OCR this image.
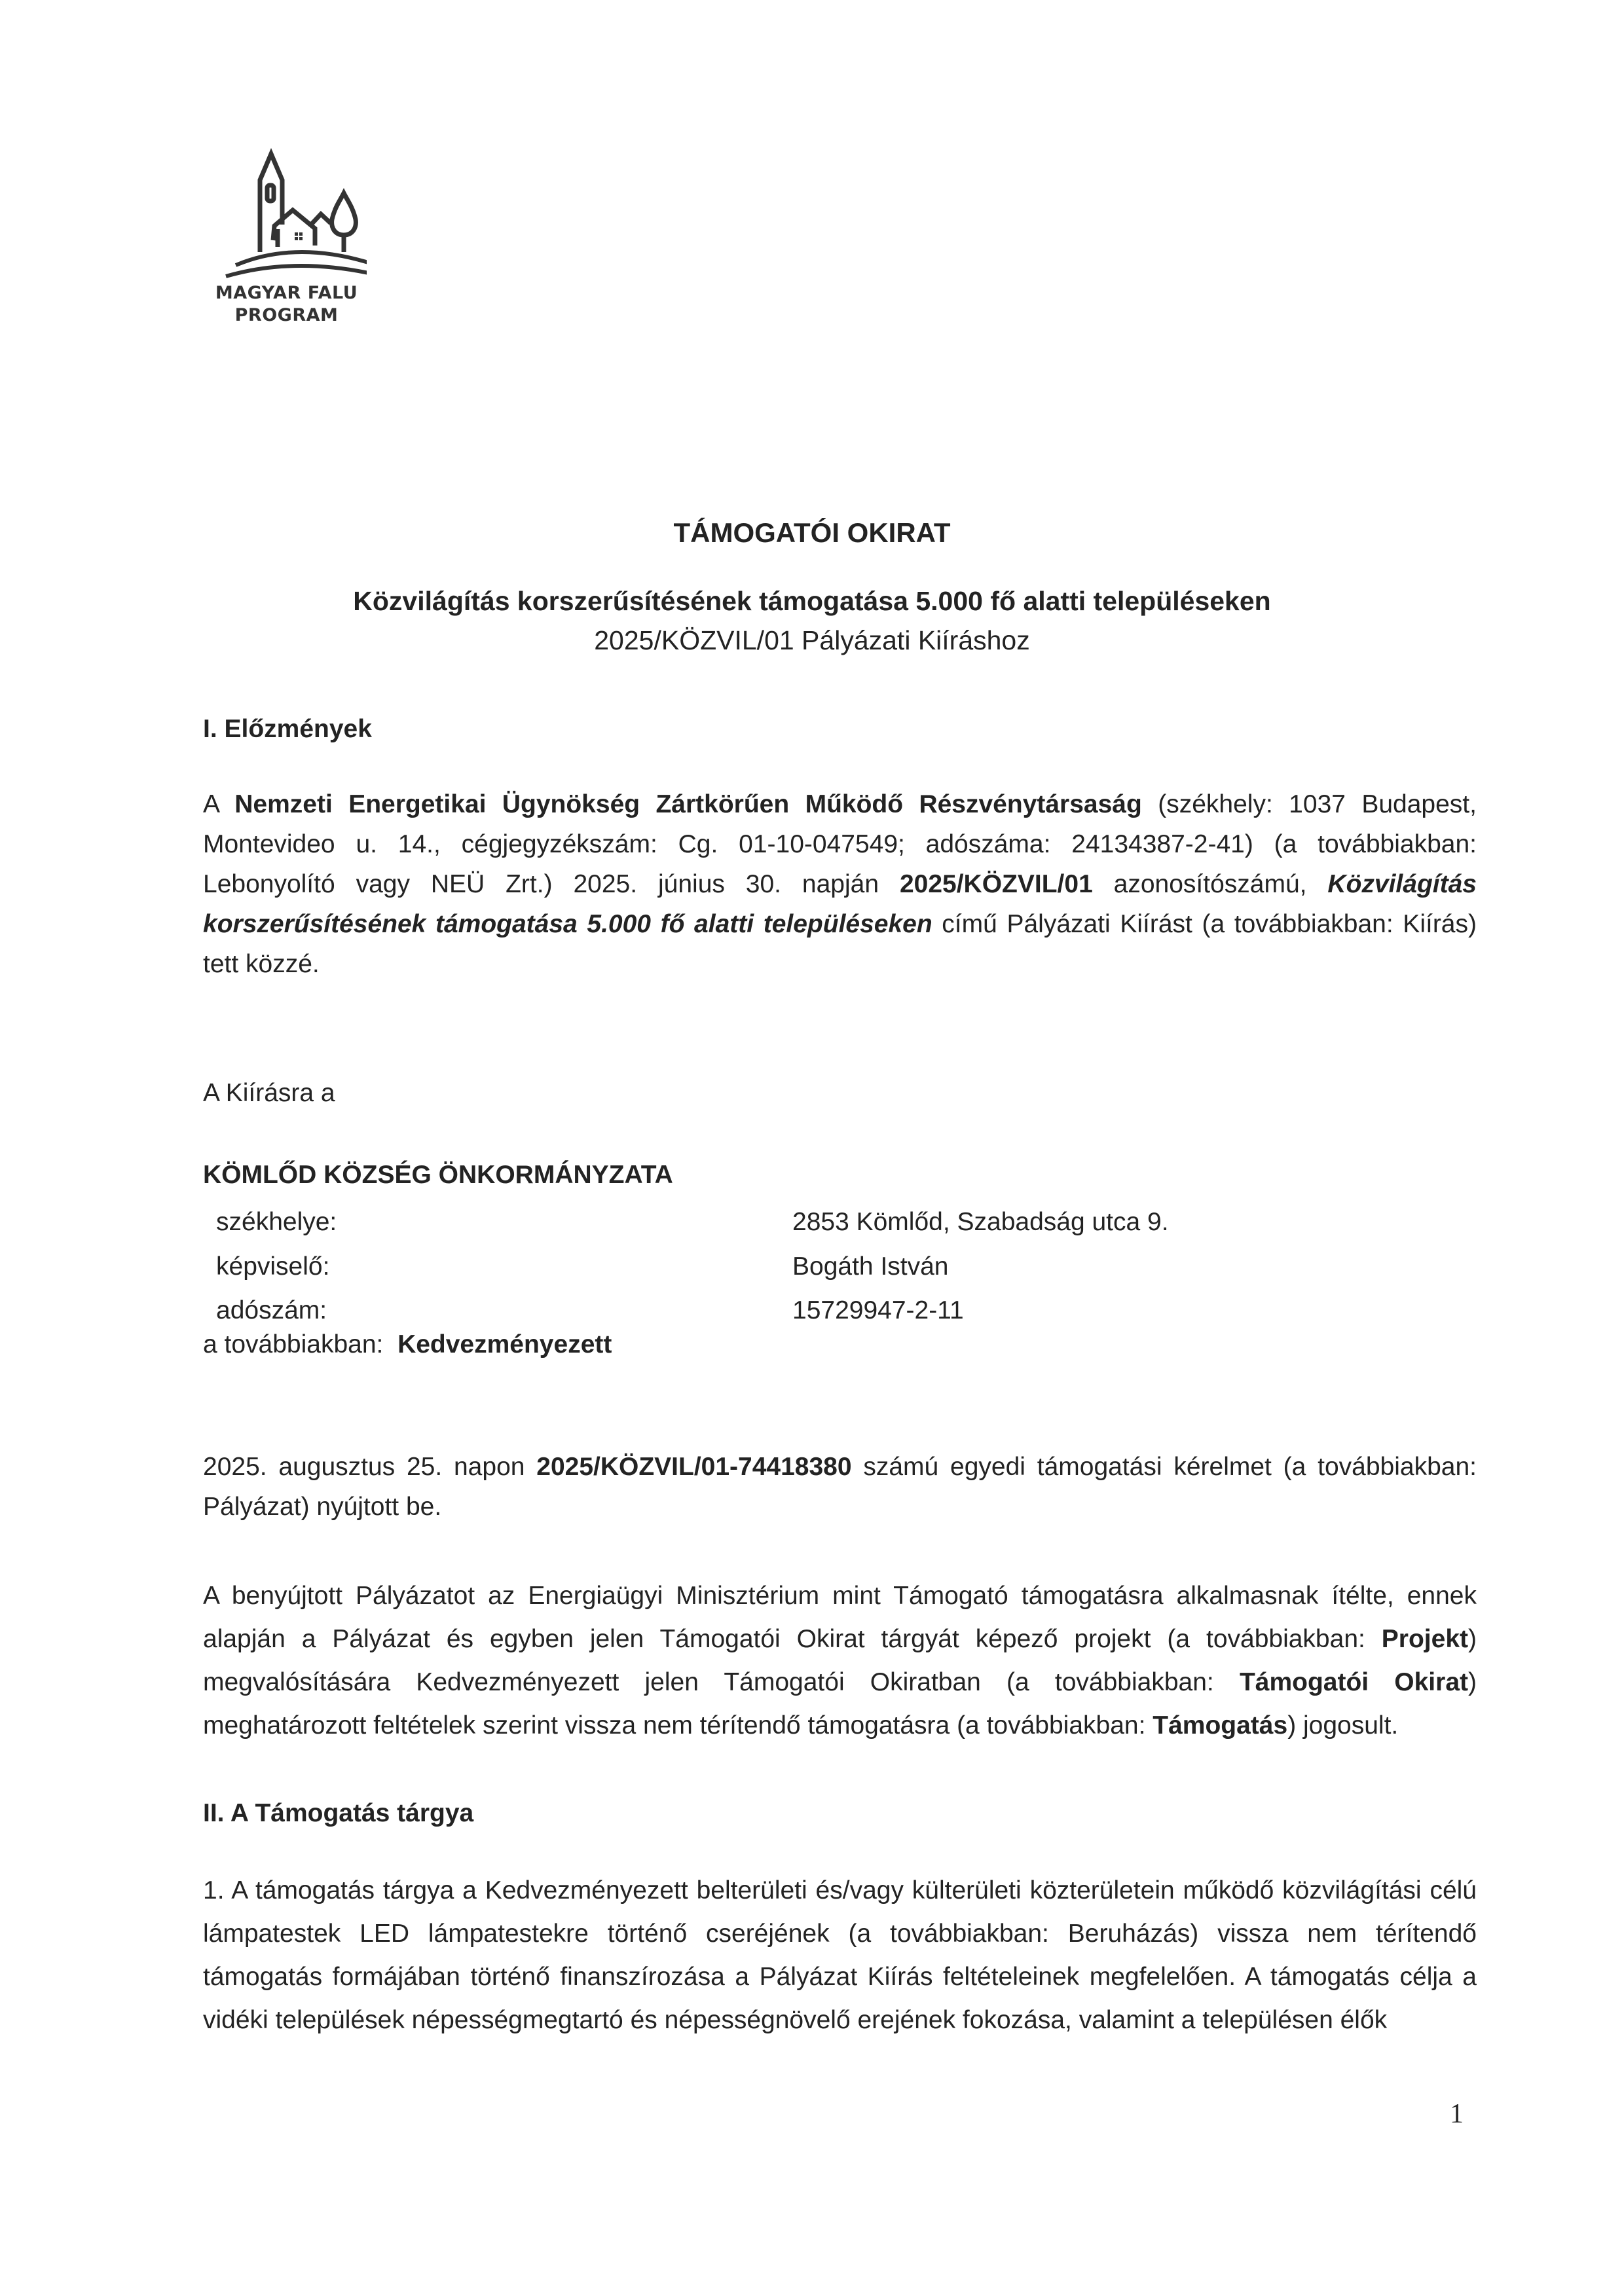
MAGYAR FALU
PROGRAM
TÁMOGATÓI OKIRAT
Közvilágítás korszerűsítésének támogatása 5.000 fő alatti településeken
2025/KÖZVIL/01 Pályázati Kiíráshoz
I. Előzmények
A Nemzeti Energetikai Ügynökség Zártkörűen Működő Részvénytársaság (székhely: 1037 Budapest, Montevideo u. 14., cégjegyzékszám: Cg. 01-10-047549; adószáma: 24134387-2-41) (a továbbiakban: Lebonyolító vagy NEÜ Zrt.) 2025. június 30. napján 2025/KÖZVIL/01 azonosítószámú, Közvilágítás korszerűsítésének támogatása 5.000 fő alatti településeken című Pályázati Kiírást (a továbbiakban: Kiírás) tett közzé.
A Kiírásra a
KÖMLŐD KÖZSÉG ÖNKORMÁNYZATA
székhelye:	2853 Kömlőd, Szabadság utca 9.
képviselő:	Bogáth István
adószám:	15729947-2-11
a továbbiakban: Kedvezményezett
2025. augusztus 25. napon 2025/KÖZVIL/01-74418380 számú egyedi támogatási kérelmet (a továbbiakban: Pályázat) nyújtott be.
A benyújtott Pályázatot az Energiaügyi Minisztérium mint Támogató támogatásra alkalmasnak ítélte, ennek alapján a Pályázat és egyben jelen Támogatói Okirat tárgyát képező projekt (a továbbiakban: Projekt) megvalósítására Kedvezményezett jelen Támogatói Okiratban (a továbbiakban: Támogatói Okirat) meghatározott feltételek szerint vissza nem térítendő támogatásra (a továbbiakban: Támogatás) jogosult.
II. A Támogatás tárgya
1. A támogatás tárgya a Kedvezményezett belterületi és/vagy külterületi közterületein működő közvilágítási célú lámpatestek LED lámpatestekre történő cseréjének (a továbbiakban: Beruházás) vissza nem térítendő támogatás formájában történő finanszírozása a Pályázat Kiírás feltételeinek megfelelően. A támogatás célja a vidéki települések népességmegtartó és népességnövelő erejének fokozása, valamint a településen élők
1
